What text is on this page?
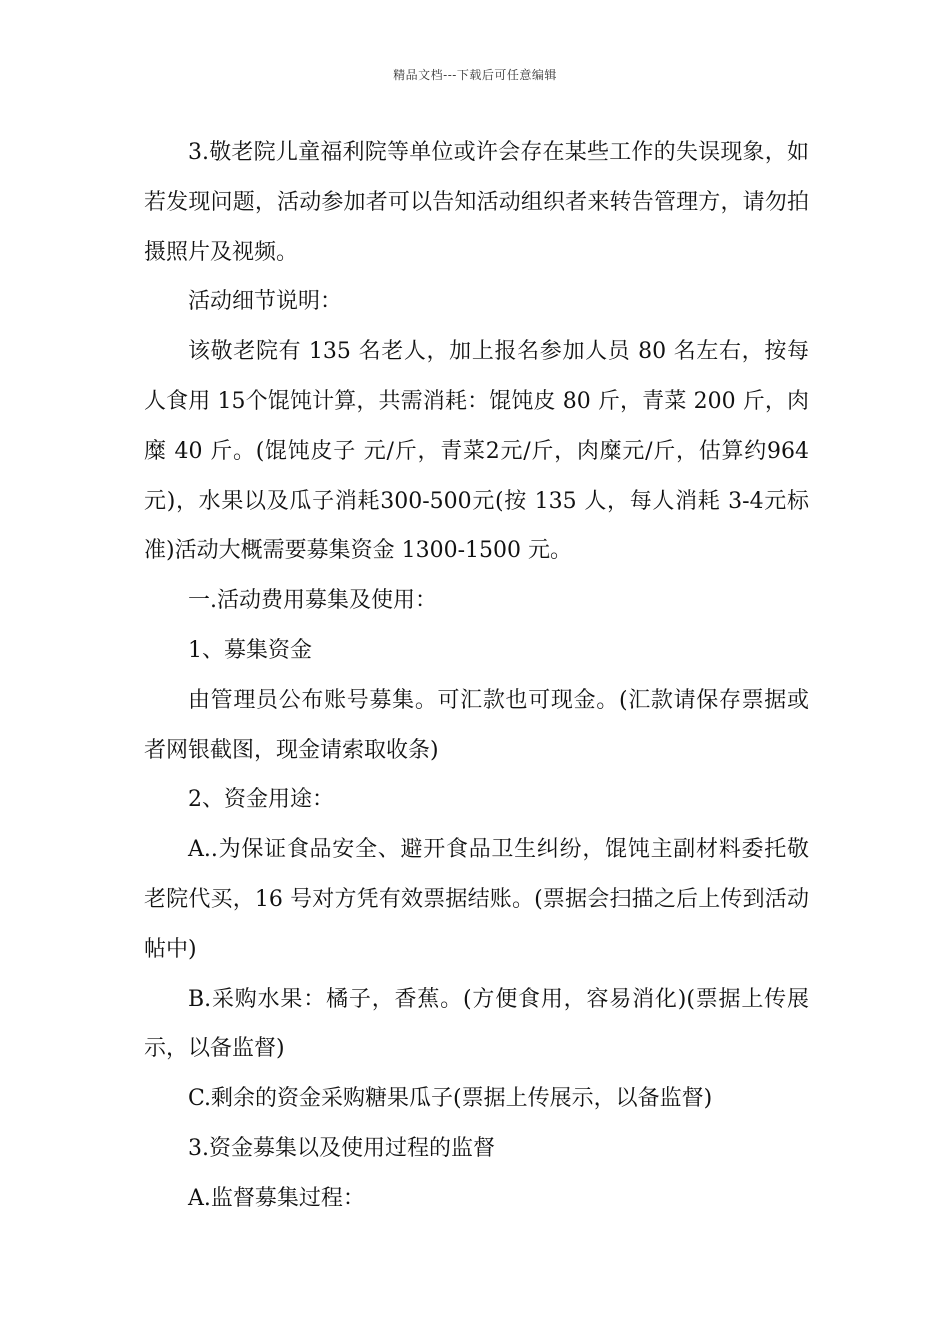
精品文档---下载后可任意编辑

3.敬老院儿童福利院等单位或许会存在某些工作的失误现象，如若发现问题，活动参加者可以告知活动组织者来转告管理方，请勿拍摄照片及视频。

活动细节说明：

该敬老院有 135 名老人，加上报名参加人员 80 名左右，按每人食用 15个馄饨计算，共需消耗：馄饨皮 80 斤，青菜 200 斤，肉糜 40 斤。(馄饨皮子 元/斤，青菜2元/斤，肉糜元/斤，估算约964元)，水果以及瓜子消耗300-500元(按 135 人，每人消耗 3-4元标准)活动大概需要募集资金 1300-1500 元。

一.活动费用募集及使用：

1、募集资金

由管理员公布账号募集。可汇款也可现金。(汇款请保存票据或者网银截图，现金请索取收条)

2、资金用途：

A..为保证食品安全、避开食品卫生纠纷，馄饨主副材料委托敬老院代买，16 号对方凭有效票据结账。(票据会扫描之后上传到活动帖中)

B.采购水果：橘子，香蕉。(方便食用，容易消化)(票据上传展示，以备监督)

C.剩余的资金采购糖果瓜子(票据上传展示，以备监督)

3.资金募集以及使用过程的监督

A.监督募集过程：
